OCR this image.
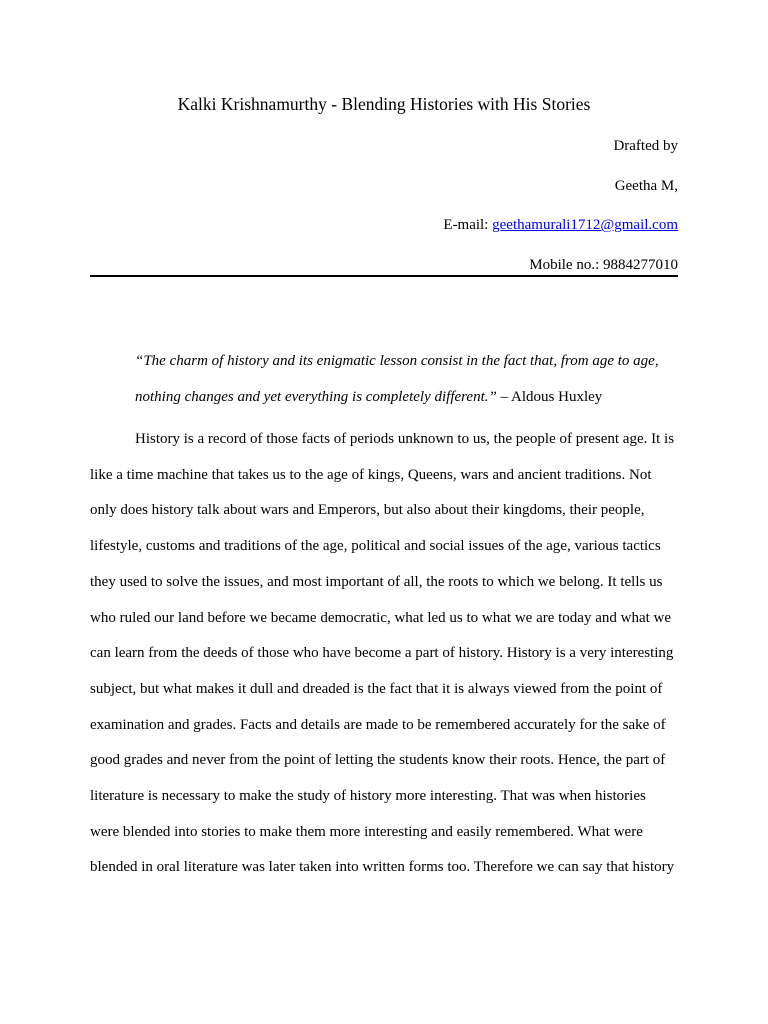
Kalki Krishnamurthy - Blending Histories with His Stories
Drafted by
Geetha M,
E-mail: geethamurali1712@gmail.com
Mobile no.: 9884277010
“The charm of history and its enigmatic lesson consist in the fact that, from age to age,
nothing changes and yet everything is completely different.” – Aldous Huxley
History is a record of those facts of periods unknown to us, the people of present age. It is
like a time machine that takes us to the age of kings, Queens, wars and ancient traditions. Not
only does history talk about wars and Emperors, but also about their kingdoms, their people,
lifestyle, customs and traditions of the age, political and social issues of the age, various tactics
they used to solve the issues, and most important of all, the roots to which we belong. It tells us
who ruled our land before we became democratic, what led us to what we are today and what we
can learn from the deeds of those who have become a part of history. History is a very interesting
subject, but what makes it dull and dreaded is the fact that it is always viewed from the point of
examination and grades. Facts and details are made to be remembered accurately for the sake of
good grades and never from the point of letting the students know their roots. Hence, the part of
literature is necessary to make the study of history more interesting. That was when histories
were blended into stories to make them more interesting and easily remembered. What were
blended in oral literature was later taken into written forms too. Therefore we can say that history
